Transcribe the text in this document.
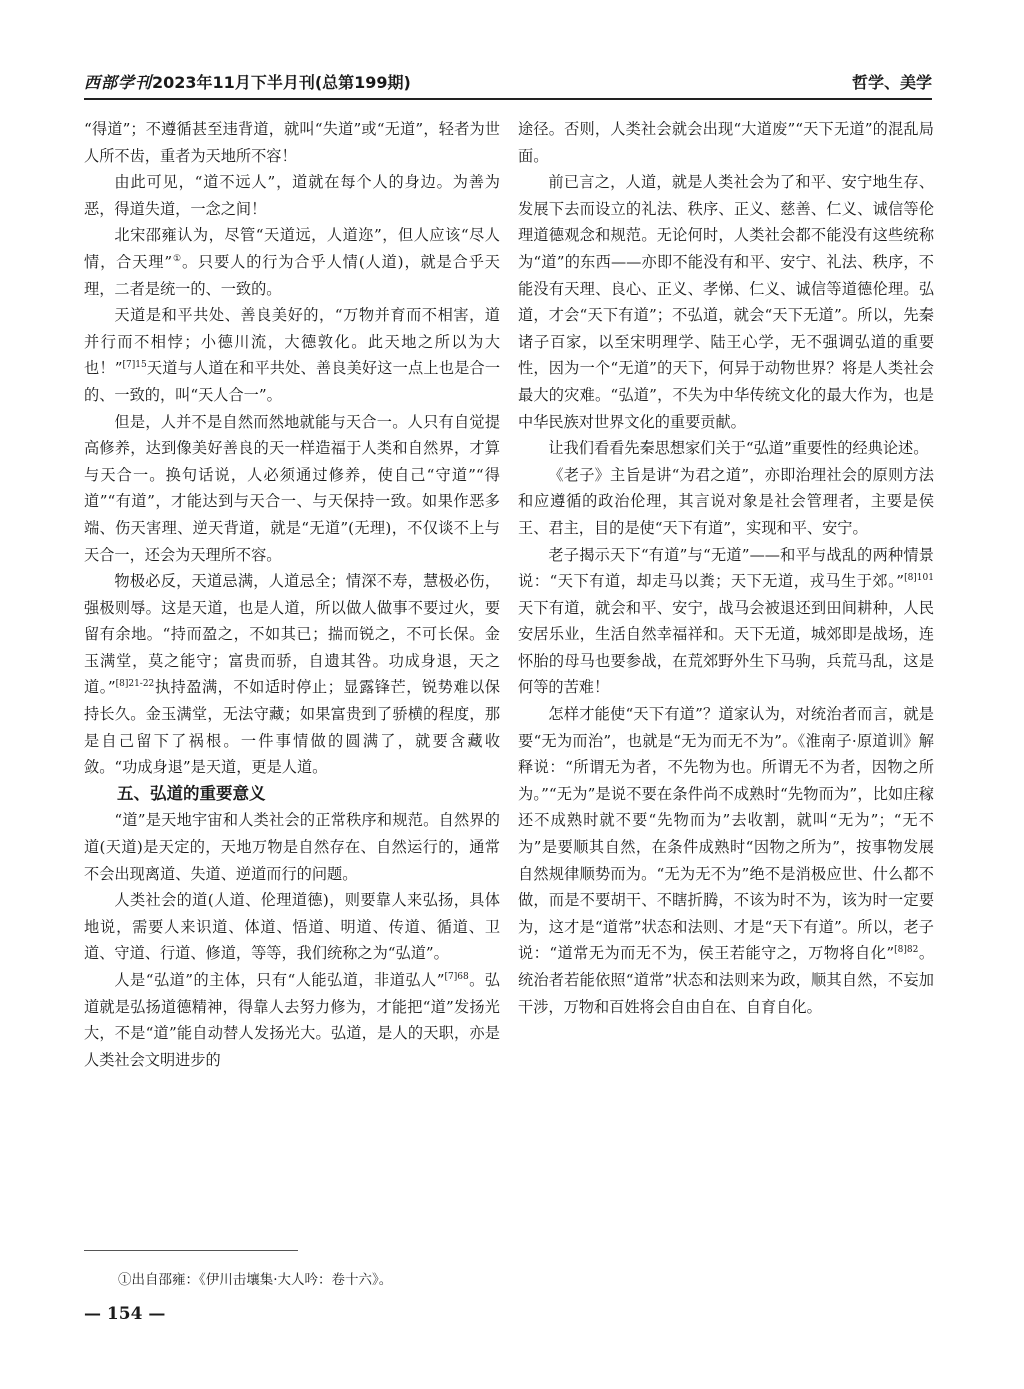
西部学刊2023年11月下半月刊(总第199期)	哲学、美学

“得道”；不遵循甚至违背道，就叫“失道”或“无道”，轻者为世人所不齿，重者为天地所不容！

由此可见，“道不远人”，道就在每个人的身边。为善为恶，得道失道，一念之间！

北宋邵雍认为，尽管“天道远，人道迩”，但人应该“尽人情，合天理”①。只要人的行为合乎人情(人道)，就是合乎天理，二者是统一的、一致的。

天道是和平共处、善良美好的，“万物并育而不相害，道并行而不相悖；小德川流，大德敦化。此天地之所以为大也！”$^{[7]15}$天道与人道在和平共处、善良美好这一点上也是合一的、一致的，叫“天人合一”。

但是，人并不是自然而然地就能与天合一。人只有自觉提高修养，达到像美好善良的天一样造福于人类和自然界，才算与天合一。换句话说，人必须通过修养，使自己“守道”“得道”“有道”，才能达到与天合一、与天保持一致。如果作恶多端、伤天害理、逆天背道，就是“无道”(无理)，不仅谈不上与天合一，还会为天理所不容。

物极必反，天道忌满，人道忌全；情深不寿，慧极必伤，强极则辱。这是天道，也是人道，所以做人做事不要过火，要留有余地。“持而盈之，不如其已；揣而锐之，不可长保。金玉满堂，莫之能守；富贵而骄，自遗其咎。功成身退，天之道。”$^{[8]21-22}$执持盈满，不如适时停止；显露锋芒，锐势难以保持长久。金玉满堂，无法守藏；如果富贵到了骄横的程度，那是自己留下了祸根。一件事情做的圆满了，就要含藏收敛。“功成身退”是天道，更是人道。

五、弘道的重要意义

“道”是天地宇宙和人类社会的正常秩序和规范。自然界的道(天道)是天定的，天地万物是自然存在、自然运行的，通常不会出现离道、失道、逆道而行的问题。

人类社会的道(人道、伦理道德)，则要靠人来弘扬，具体地说，需要人来识道、体道、悟道、明道、传道、循道、卫道、守道、行道、修道，等等，我们统称之为“弘道”。

人是“弘道”的主体，只有“人能弘道，非道弘人”$^{[7]68}$。弘道就是弘扬道德精神，得靠人去努力修为，才能把“道”发扬光大，不是“道”能自动替人发扬光大。弘道，是人的天职，亦是人类社会文明进步的

途径。否则，人类社会就会出现“大道废”“天下无道”的混乱局面。

前已言之，人道，就是人类社会为了和平、安宁地生存、发展下去而设立的礼法、秩序、正义、慈善、仁义、诚信等伦理道德观念和规范。无论何时，人类社会都不能没有这些统称为“道”的东西——亦即不能没有和平、安宁、礼法、秩序，不能没有天理、良心、正义、孝悌、仁义、诚信等道德伦理。弘道，才会“天下有道”；不弘道，就会“天下无道”。所以，先秦诸子百家，以至宋明理学、陆王心学，无不强调弘道的重要性，因为一个“无道”的天下，何异于动物世界？将是人类社会最大的灾难。“弘道”，不失为中华传统文化的最大作为，也是中华民族对世界文化的重要贡献。

让我们看看先秦思想家们关于“弘道”重要性的经典论述。

《老子》主旨是讲“为君之道”，亦即治理社会的原则方法和应遵循的政治伦理，其言说对象是社会管理者，主要是侯王、君主，目的是使“天下有道”，实现和平、安宁。

老子揭示天下“有道”与“无道”——和平与战乱的两种情景说：“天下有道，却走马以粪；天下无道，戎马生于郊。”$^{[8]101}$天下有道，就会和平、安宁，战马会被退还到田间耕种，人民安居乐业，生活自然幸福祥和。天下无道，城郊即是战场，连怀胎的母马也要参战，在荒郊野外生下马驹，兵荒马乱，这是何等的苦难！

怎样才能使“天下有道”？道家认为，对统治者而言，就是要“无为而治”，也就是“无为而无不为”。《淮南子·原道训》解释说：“所谓无为者，不先物为也。所谓无不为者，因物之所为。”“无为”是说不要在条件尚不成熟时“先物而为”，比如庄稼还不成熟时就不要“先物而为”去收割，就叫“无为”；“无不为”是要顺其自然，在条件成熟时“因物之所为”，按事物发展自然规律顺势而为。“无为无不为”绝不是消极应世、什么都不做，而是不要胡干、不瞎折腾，不该为时不为，该为时一定要为，这才是“道常”状态和法则、才是“天下有道”。所以，老子说：“道常无为而无不为，侯王若能守之，万物将自化”$^{[8]82}$。统治者若能依照“道常”状态和法则来为政，顺其自然，不妄加干涉，万物和百姓将会自由自在、自育自化。

①出自邵雍：《伊川击壤集·大人吟：卷十六》。
— 154 —
